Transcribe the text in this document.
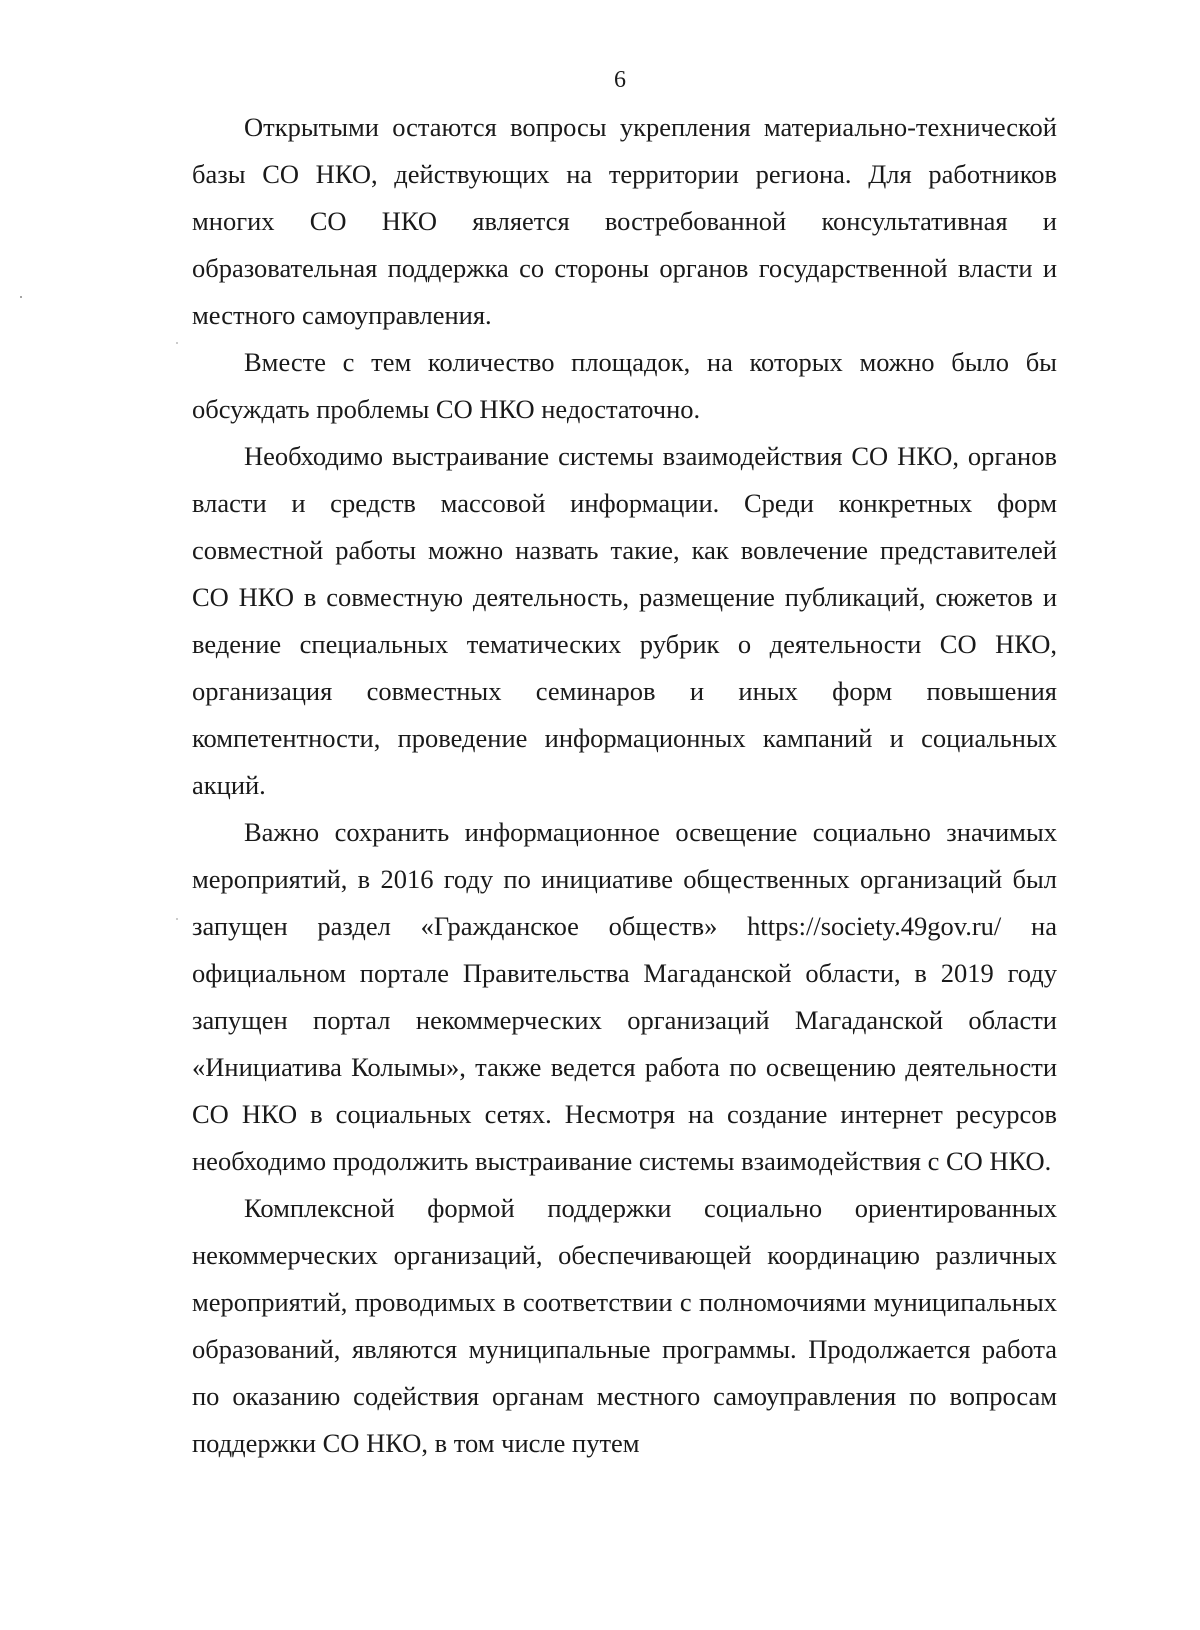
6

Открытыми остаются вопросы укрепления материально-технической базы СО НКО, действующих на территории региона. Для работников многих СО НКО является востребованной консультативная и образовательная поддержка со стороны органов государственной власти и местного самоуправления.

Вместе с тем количество площадок, на которых можно было бы обсуждать проблемы СО НКО недостаточно.

Необходимо выстраивание системы взаимодействия СО НКО, органов власти и средств массовой информации. Среди конкретных форм совместной работы можно назвать такие, как вовлечение представителей СО НКО в совместную деятельность, размещение публикаций, сюжетов и ведение специальных тематических рубрик о деятельности СО НКО, организация совместных семинаров и иных форм повышения компетентности, проведение информационных кампаний и социальных акций.

Важно сохранить информационное освещение социально значимых мероприятий, в 2016 году по инициативе общественных организаций был запущен раздел «Гражданское обществ» https://society.49gov.ru/ на официальном портале Правительства Магаданской области, в 2019 году запущен портал некоммерческих организаций Магаданской области «Инициатива Колымы», также ведется работа по освещению деятельности СО НКО в социальных сетях. Несмотря на создание интернет ресурсов необходимо продолжить выстраивание системы взаимодействия с СО НКО.

Комплексной формой поддержки социально ориентированных некоммерческих организаций, обеспечивающей координацию различных мероприятий, проводимых в соответствии с полномочиями муниципальных образований, являются муниципальные программы. Продолжается работа по оказанию содействия органам местного самоуправления по вопросам поддержки СО НКО, в том числе путем
